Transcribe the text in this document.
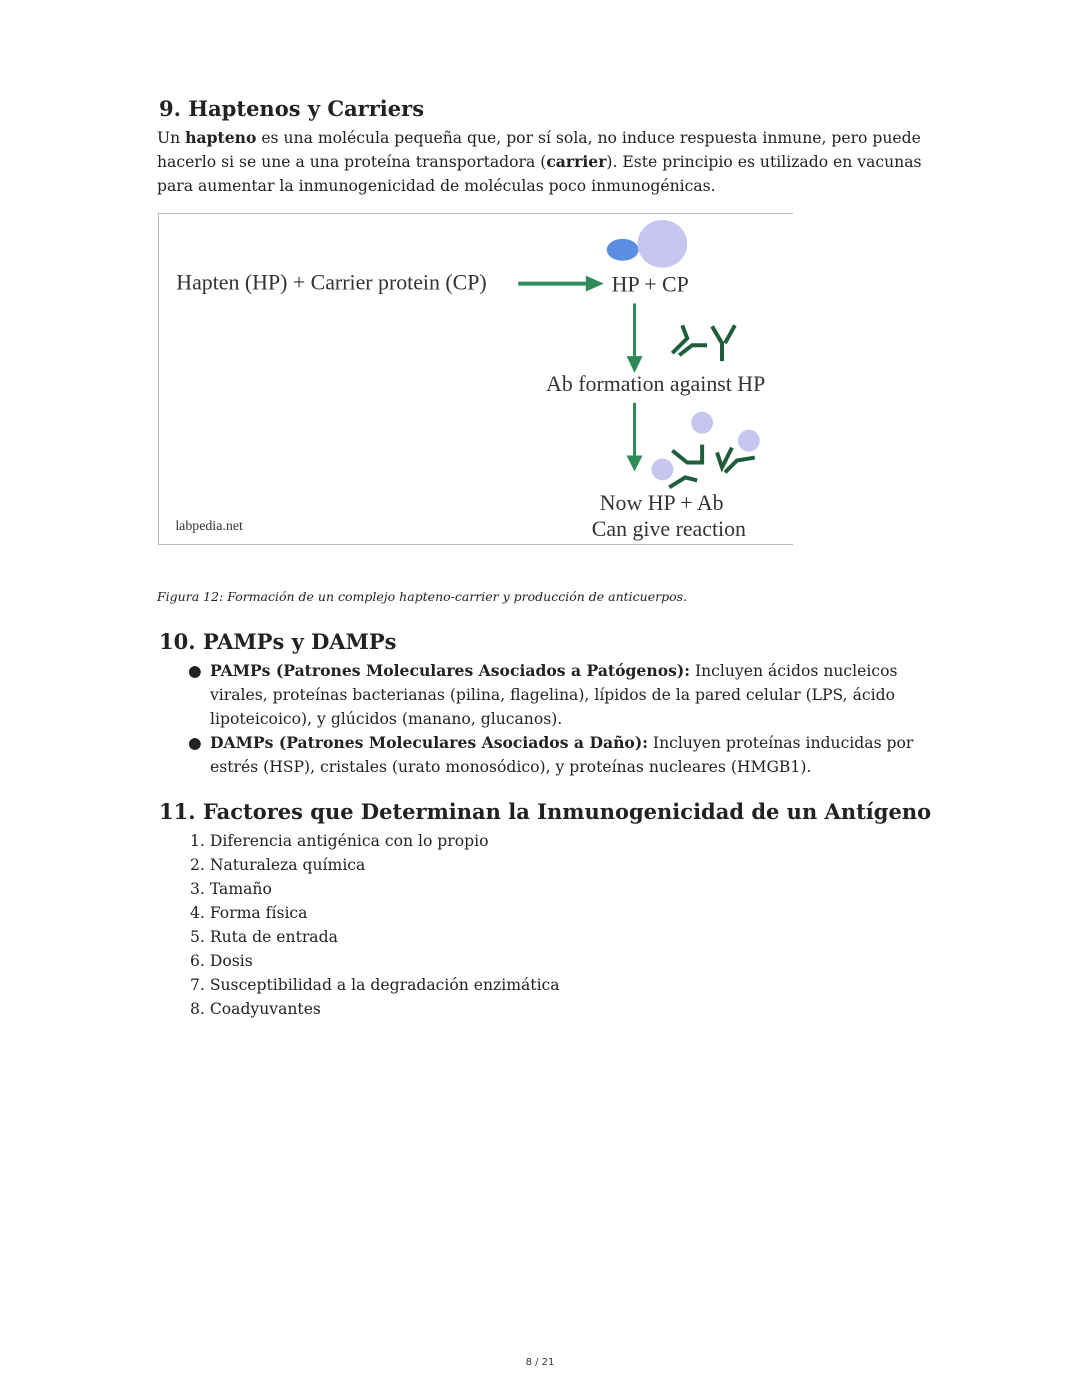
9. Haptenos y Carriers

Un hapteno es una molécula pequeña que, por sí sola, no induce respuesta inmune, pero puede hacerlo si se une a una proteína transportadora (carrier). Este principio es utilizado en vacunas para aumentar la inmunogenicidad de moléculas poco inmunogénicas.

Hapten (HP) + Carrier protein (CP)	HP + CP
Ab formation against HP
Now HP + Ab
Can give reaction
labpedia.net
Figura 12: Formación de un complejo hapteno-carrier y producción de anticuerpos.
10. PAMPs y DAMPs
● PAMPs (Patrones Moleculares Asociados a Patógenos): Incluyen ácidos nucleicos virales, proteínas bacterianas (pilina, flagelina), lípidos de la pared celular (LPS, ácido lipoteicoico), y glúcidos (manano, glucanos).
● DAMPs (Patrones Moleculares Asociados a Daño): Incluyen proteínas inducidas por estrés (HSP), cristales (urato monosódico), y proteínas nucleares (HMGB1).
11. Factores que Determinan la Inmunogenicidad de un Antígeno
1. Diferencia antigénica con lo propio
2. Naturaleza química
3. Tamaño
4. Forma física
5. Ruta de entrada
6. Dosis
7. Susceptibilidad a la degradación enzimática
8. Coadyuvantes
8 / 21
